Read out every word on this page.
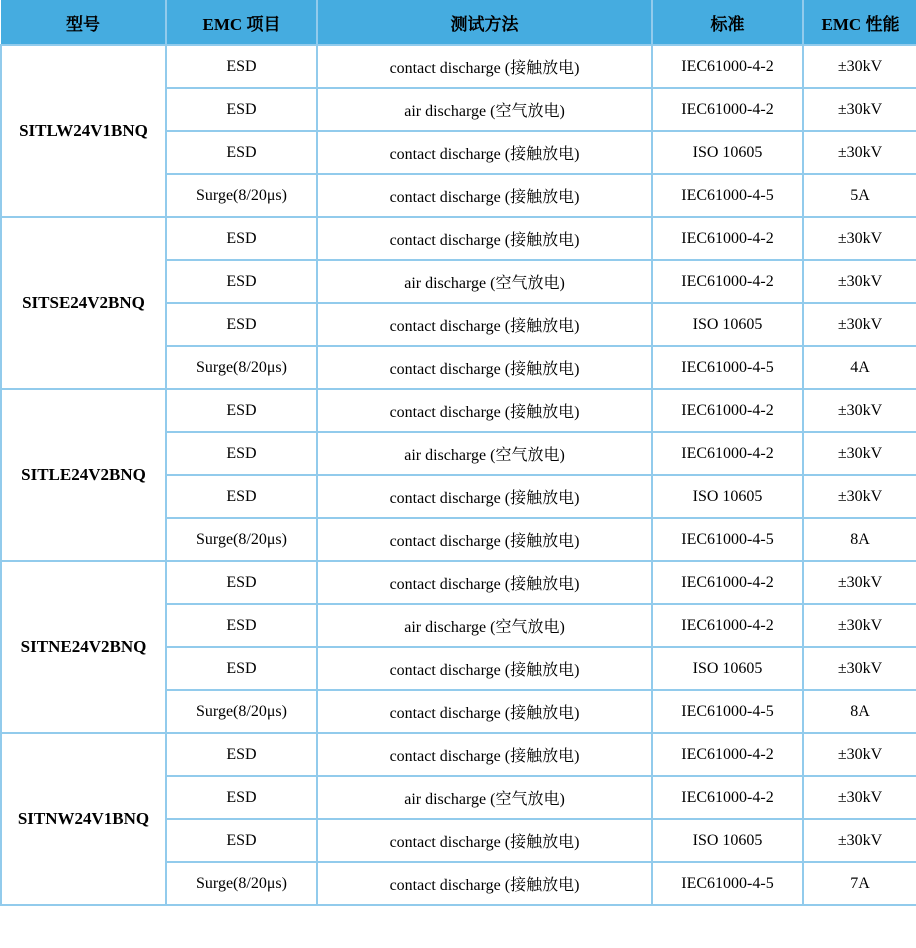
型号	EMC 项目	测试方法	标准	EMC 性能
SITLW24V1BNQ	ESD	contact discharge (接触放电)	IEC61000-4-2	±30kV
	ESD	air discharge (空气放电)	IEC61000-4-2	±30kV
	ESD	contact discharge (接触放电)	ISO 10605	±30kV
	Surge(8/20μs)	contact discharge (接触放电)	IEC61000-4-5	5A
SITSE24V2BNQ	ESD	contact discharge (接触放电)	IEC61000-4-2	±30kV
	ESD	air discharge (空气放电)	IEC61000-4-2	±30kV
	ESD	contact discharge (接触放电)	ISO 10605	±30kV
	Surge(8/20μs)	contact discharge (接触放电)	IEC61000-4-5	4A
SITLE24V2BNQ	ESD	contact discharge (接触放电)	IEC61000-4-2	±30kV
	ESD	air discharge (空气放电)	IEC61000-4-2	±30kV
	ESD	contact discharge (接触放电)	ISO 10605	±30kV
	Surge(8/20μs)	contact discharge (接触放电)	IEC61000-4-5	8A
SITNE24V2BNQ	ESD	contact discharge (接触放电)	IEC61000-4-2	±30kV
	ESD	air discharge (空气放电)	IEC61000-4-2	±30kV
	ESD	contact discharge (接触放电)	ISO 10605	±30kV
	Surge(8/20μs)	contact discharge (接触放电)	IEC61000-4-5	8A
SITNW24V1BNQ	ESD	contact discharge (接触放电)	IEC61000-4-2	±30kV
	ESD	air discharge (空气放电)	IEC61000-4-2	±30kV
	ESD	contact discharge (接触放电)	ISO 10605	±30kV
	Surge(8/20μs)	contact discharge (接触放电)	IEC61000-4-5	7A
